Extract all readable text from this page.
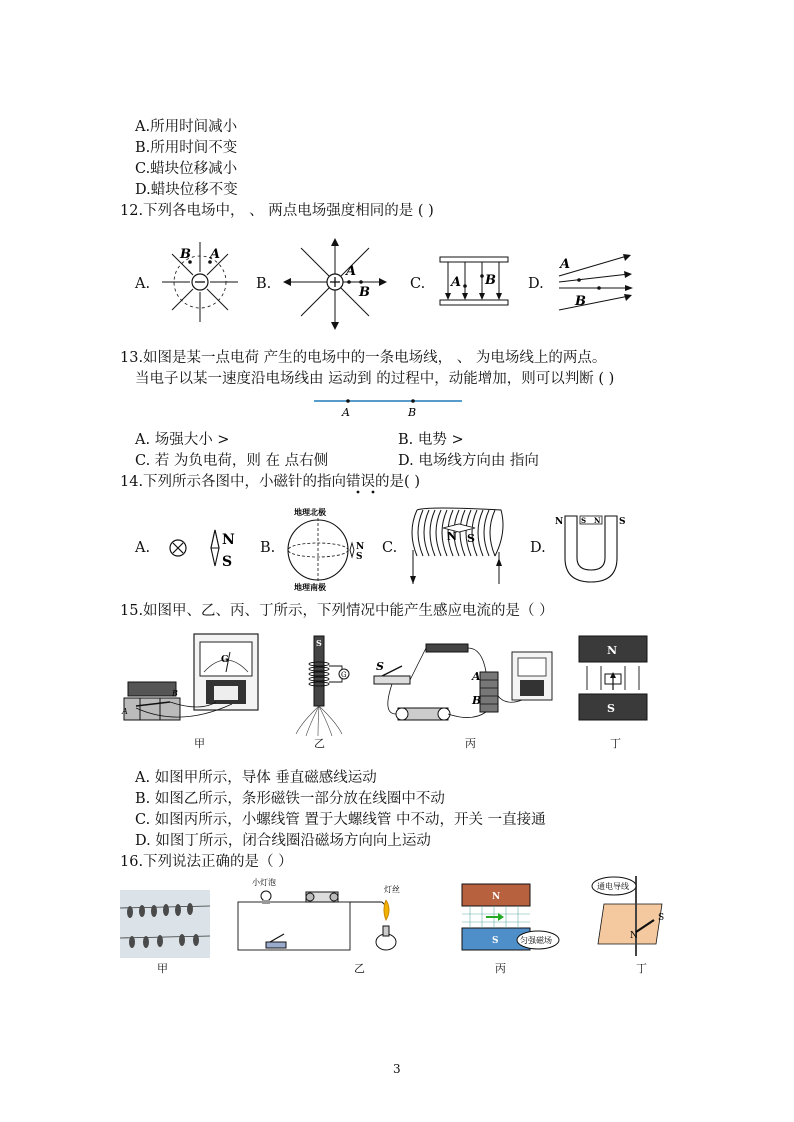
A.所用时间减小
B.所用时间不变
C.蜡块位移减小
D.蜡块位移不变
12.下列各电场中， 、 两点电场强度相同的是 ( )
A.
B A
B.
A
B
C. A B D.
A
B
13.如图是某一点电荷 产生的电场中的一条电场线， 、 为电场线上的两点。
当电子以某一速度沿电场线由 运动到 的过程中，动能增加，则可以判断 ( )
A	B
A. 场强大小 >	B. 电势 >
C. 若 为负电荷，则 在 点右侧	D. 电场线方向由 指向
14.下列所示各图中，小磁针的指向错误的是( )
A.	N
S
B.
地理北极
地理南极
N
S
C.
N S
D.
N	S
S N
15.如图甲、乙、丙、丁所示，下列情况中能产生感应电流的是（ ）
G
A
B
甲
S
G
乙
S
A
B
丙
N
S
丁
A. 如图甲所示，导体 垂直磁感线运动
B. 如图乙所示，条形磁铁一部分放在线圈中不动
C. 如图丙所示，小螺线管 置于大螺线管 中不动，开关 一直接通
D. 如图丁所示，闭合线圈沿磁场方向向上运动
16.下列说法正确的是（ ）
甲
小灯泡
灯丝
乙
N
S	匀强磁场
丙
通电导线
N
S
丁
3
